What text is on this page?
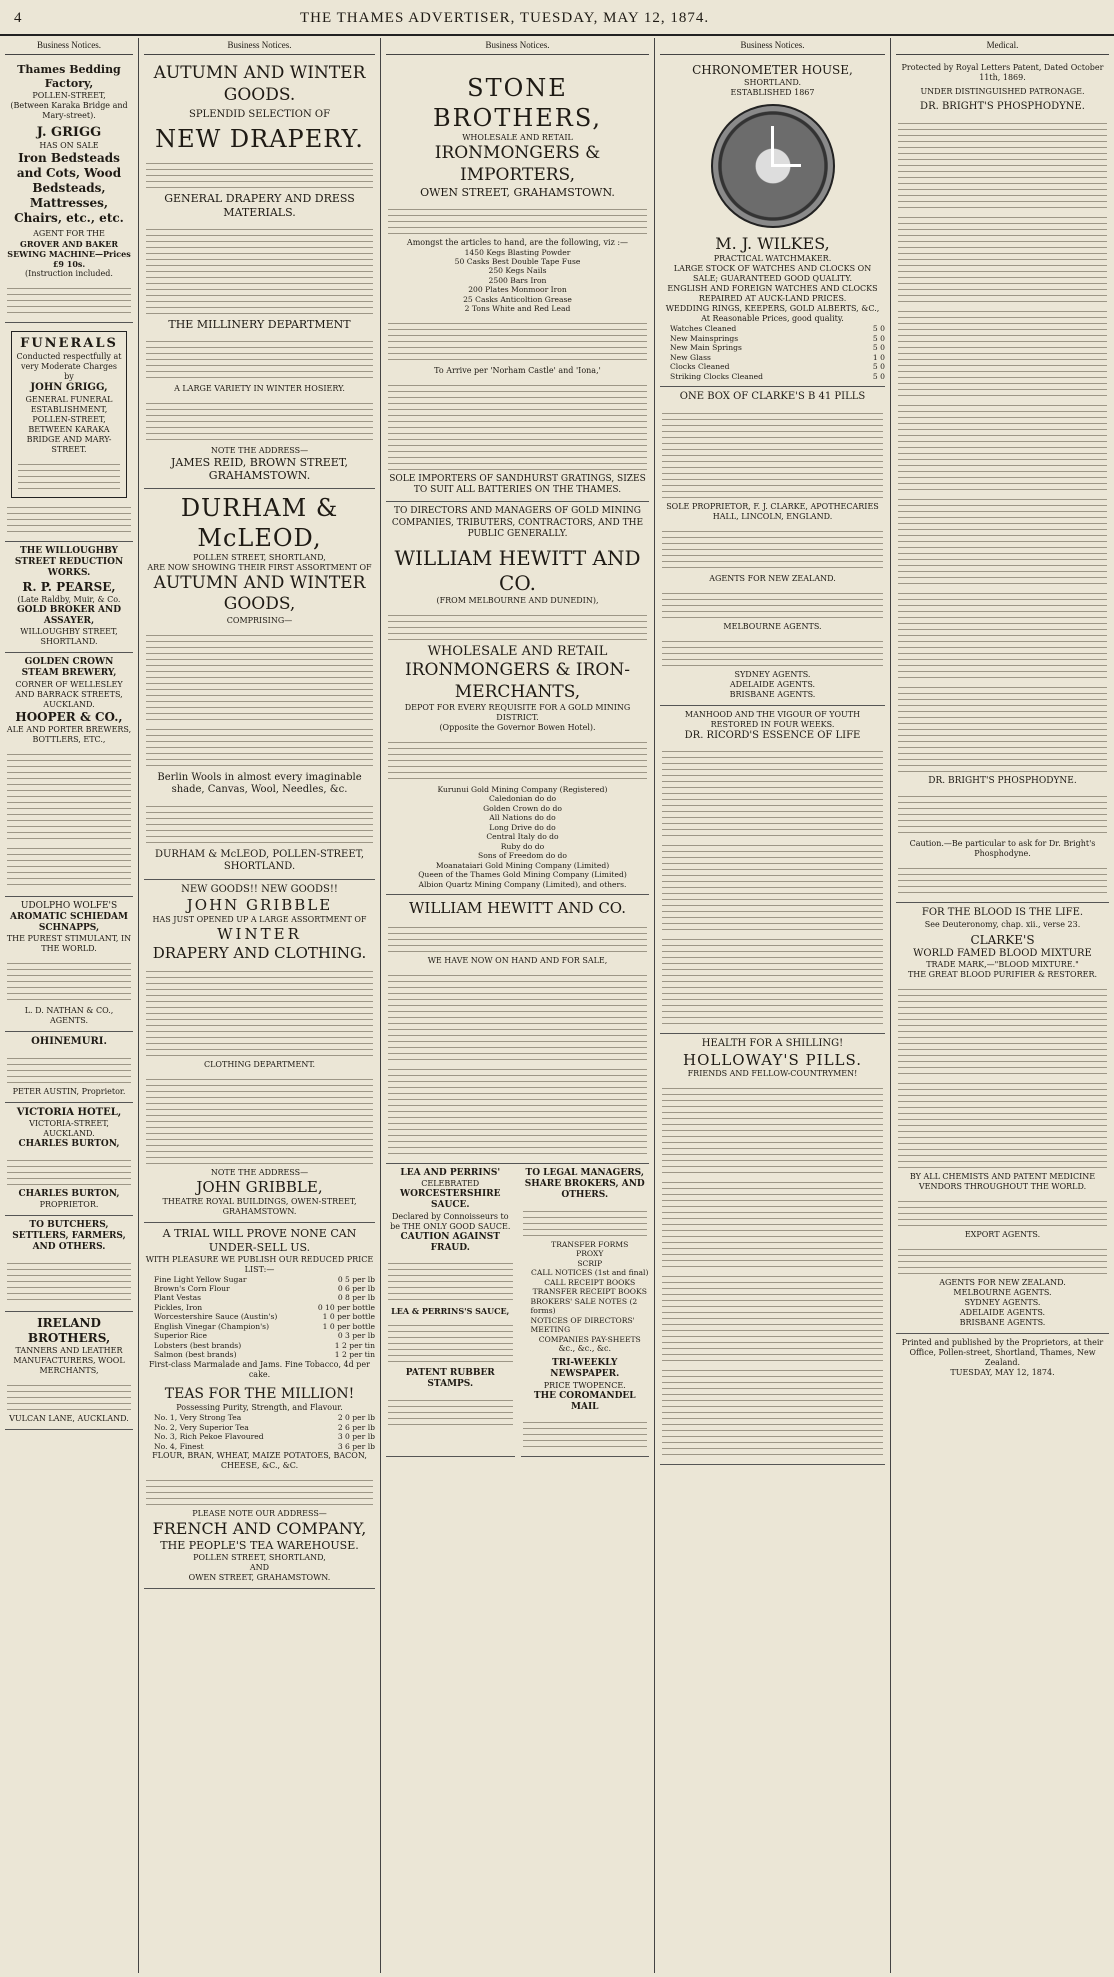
4	THE THAMES ADVERTISER, TUESDAY, MAY 12, 1874.
Business Notices.
Thames Bedding Factory,
POLLEN-STREET,
(Between Karaka Bridge and Mary-street).
J. GRIGG
HAS ON SALE
Iron Bedsteads and Cots, Wood Bedsteads, Mattresses, Chairs, etc., etc.
AGENT FOR THE
GROVER AND BAKER SEWING MACHINE—Prices £9 10s.
(Instruction included.
FUNERALS
Conducted respectfully at very Moderate Charges by
JOHN GRIGG,
GENERAL FUNERAL ESTABLISHMENT, POLLEN-STREET, BETWEEN KARAKA BRIDGE AND MARY-STREET.
THE WILLOUGHBY STREET REDUCTION WORKS.
R. P. PEARSE,
(Late Raldby, Muir, & Co.
GOLD BROKER AND ASSAYER,
WILLOUGHBY STREET, SHORTLAND.
GOLDEN CROWN STEAM BREWERY,
CORNER OF WELLESLEY AND BARRACK STREETS, AUCKLAND.
HOOPER & CO.,
ALE AND PORTER BREWERS, BOTTLERS, ETC.,
UDOLPHO WOLFE'S
AROMATIC SCHIEDAM SCHNAPPS,
THE PUREST STIMULANT, IN THE WORLD.
L. D. NATHAN & CO., AGENTS.
OHINEMURI.
PETER AUSTIN, Proprietor.
VICTORIA HOTEL,
VICTORIA-STREET, AUCKLAND.
CHARLES BURTON,
CHARLES BURTON,
PROPRIETOR.
TO BUTCHERS, SETTLERS, FARMERS, AND OTHERS.
IRELAND BROTHERS,
TANNERS AND LEATHER MANUFACTURERS, WOOL MERCHANTS,
VULCAN LANE, AUCKLAND.
Business Notices.
AUTUMN AND WINTER GOODS.
SPLENDID SELECTION OF
NEW DRAPERY.
GENERAL DRAPERY AND DRESS MATERIALS.
THE MILLINERY DEPARTMENT
A LARGE VARIETY IN WINTER HOSIERY.
NOTE THE ADDRESS—
JAMES REID, BROWN STREET, GRAHAMSTOWN.
DURHAM & McLEOD,
POLLEN STREET, SHORTLAND,
ARE NOW SHOWING THEIR FIRST ASSORTMENT OF
AUTUMN AND WINTER GOODS,
COMPRISING—
Berlin Wools in almost every imaginable shade, Canvas, Wool, Needles, &c.
DURHAM & McLEOD, POLLEN-STREET, SHORTLAND.
NEW GOODS!! NEW GOODS!!
JOHN GRIBBLE
HAS JUST OPENED UP A LARGE ASSORTMENT OF
WINTER
DRAPERY AND CLOTHING.
CLOTHING DEPARTMENT.
NOTE THE ADDRESS—
JOHN GRIBBLE,
THEATRE ROYAL BUILDINGS, OWEN-STREET, GRAHAMSTOWN.
A TRIAL WILL PROVE NONE CAN UNDER-SELL US.
WITH PLEASURE WE PUBLISH OUR REDUCED PRICE LIST:—
Fine Light Yellow Sugar	0 5 per lb
Brown's Corn Flour	0 6 per lb
Plant Vestas	0 8 per lb
Pickles, Iron	0 10 per bottle
Worcestershire Sauce (Austin's)	1 0 per bottle
English Vinegar (Champion's)	1 0 per bottle
Superior Rice	0 3 per lb
Lobsters (best brands)	1 2 per tin
Salmon (best brands)	1 2 per tin
First-class Marmalade and Jams. Fine Tobacco, 4d per cake.
TEAS FOR THE MILLION!
Possessing Purity, Strength, and Flavour.
No. 1, Very Strong Tea	2 0 per lb
No. 2, Very Superior Tea	2 6 per lb
No. 3, Rich Pekoe Flavoured	3 0 per lb
No. 4, Finest	3 6 per lb
FLOUR, BRAN, WHEAT, MAIZE POTATOES, BACON, CHEESE, &C., &C.
PLEASE NOTE OUR ADDRESS—
FRENCH AND COMPANY,
THE PEOPLE'S TEA WAREHOUSE.
POLLEN STREET, SHORTLAND,
AND
OWEN STREET, GRAHAMSTOWN.
Business Notices.
STONE BROTHERS,
WHOLESALE AND RETAIL
IRONMONGERS & IMPORTERS,
OWEN STREET, GRAHAMSTOWN.
Amongst the articles to hand, are the following, viz :—
1450 Kegs Blasting Powder
50 Casks Best Double Tape Fuse
250 Kegs Nails
2500 Bars Iron
200 Plates Monmoor Iron
25 Casks Anticoltion Grease
2 Tons White and Red Lead
To Arrive per 'Norham Castle' and 'Iona,'
SOLE IMPORTERS OF SANDHURST GRATINGS, SIZES TO SUIT ALL BATTERIES ON THE THAMES.
TO DIRECTORS AND MANAGERS OF GOLD MINING COMPANIES, TRIBUTERS, CONTRACTORS, AND THE PUBLIC GENERALLY.
WILLIAM HEWITT AND CO.
(FROM MELBOURNE AND DUNEDIN),
WHOLESALE AND RETAIL
IRONMONGERS & IRON-MERCHANTS,
DEPOT FOR EVERY REQUISITE FOR A GOLD MINING DISTRICT.
(Opposite the Governor Bowen Hotel).
Kurunui Gold Mining Company (Registered)
Caledonian do do
Golden Crown do do
All Nations do do
Long Drive do do
Central Italy do do
Ruby do do
Sons of Freedom do do
Moanataiari Gold Mining Company (Limited)
Queen of the Thames Gold Mining Company (Limited)
Albion Quartz Mining Company (Limited), and others.
WILLIAM HEWITT AND CO.
WE HAVE NOW ON HAND AND FOR SALE,
LEA AND PERRINS'
CELEBRATED
WORCESTERSHIRE SAUCE.
Declared by Connoisseurs to be THE ONLY GOOD SAUCE.
CAUTION AGAINST FRAUD.
LEA & PERRINS'S SAUCE,
PATENT RUBBER STAMPS.
TO LEGAL MANAGERS, SHARE BROKERS, AND OTHERS.
TRANSFER FORMS
PROXY
SCRIP
CALL NOTICES (1st and final)
CALL RECEIPT BOOKS
TRANSFER RECEIPT BOOKS
BROKERS' SALE NOTES (2 forms)
NOTICES OF DIRECTORS' MEETING
COMPANIES PAY-SHEETS
&c., &c., &c.
TRI-WEEKLY NEWSPAPER.
PRICE TWOPENCE.
THE COROMANDEL MAIL
Business Notices.
CHRONOMETER HOUSE,
SHORTLAND.
ESTABLISHED 1867
M. J. WILKES,
PRACTICAL WATCHMAKER.
LARGE STOCK OF WATCHES AND CLOCKS ON SALE; GUARANTEED GOOD QUALITY.
ENGLISH AND FOREIGN WATCHES AND CLOCKS REPAIRED AT AUCK-LAND PRICES.
WEDDING RINGS, KEEPERS, GOLD ALBERTS, &C.,
At Reasonable Prices, good quality.
Watches Cleaned	5 0
New Mainsprings	5 0
New Main Springs	5 0
New Glass	1 0
Clocks Cleaned	5 0
Striking Clocks Cleaned	5 0
ONE BOX OF CLARKE'S B 41 PILLS
SOLE PROPRIETOR, F. J. CLARKE, APOTHECARIES HALL, LINCOLN, ENGLAND.
AGENTS FOR NEW ZEALAND.
MELBOURNE AGENTS.
SYDNEY AGENTS.
ADELAIDE AGENTS.
BRISBANE AGENTS.
MANHOOD AND THE VIGOUR OF YOUTH RESTORED IN FOUR WEEKS.
DR. RICORD'S ESSENCE OF LIFE
HEALTH FOR A SHILLING!
HOLLOWAY'S PILLS.
FRIENDS AND FELLOW-COUNTRYMEN!
Medical.
Protected by Royal Letters Patent, Dated October 11th, 1869.
UNDER DISTINGUISHED PATRONAGE.
DR. BRIGHT'S PHOSPHODYNE.
DR. BRIGHT'S PHOSPHODYNE.
Caution.—Be particular to ask for Dr. Bright's Phosphodyne.
FOR THE BLOOD IS THE LIFE.
See Deuteronomy, chap. xii., verse 23.
CLARKE'S
WORLD FAMED BLOOD MIXTURE
TRADE MARK,—"BLOOD MIXTURE."
THE GREAT BLOOD PURIFIER & RESTORER.
BY ALL CHEMISTS AND PATENT MEDICINE VENDORS THROUGHOUT THE WORLD.
EXPORT AGENTS.
AGENTS FOR NEW ZEALAND.
MELBOURNE AGENTS.
SYDNEY AGENTS.
ADELAIDE AGENTS.
BRISBANE AGENTS.
Printed and published by the Proprietors, at their Office, Pollen-street, Shortland, Thames, New Zealand.
TUESDAY, MAY 12, 1874.
